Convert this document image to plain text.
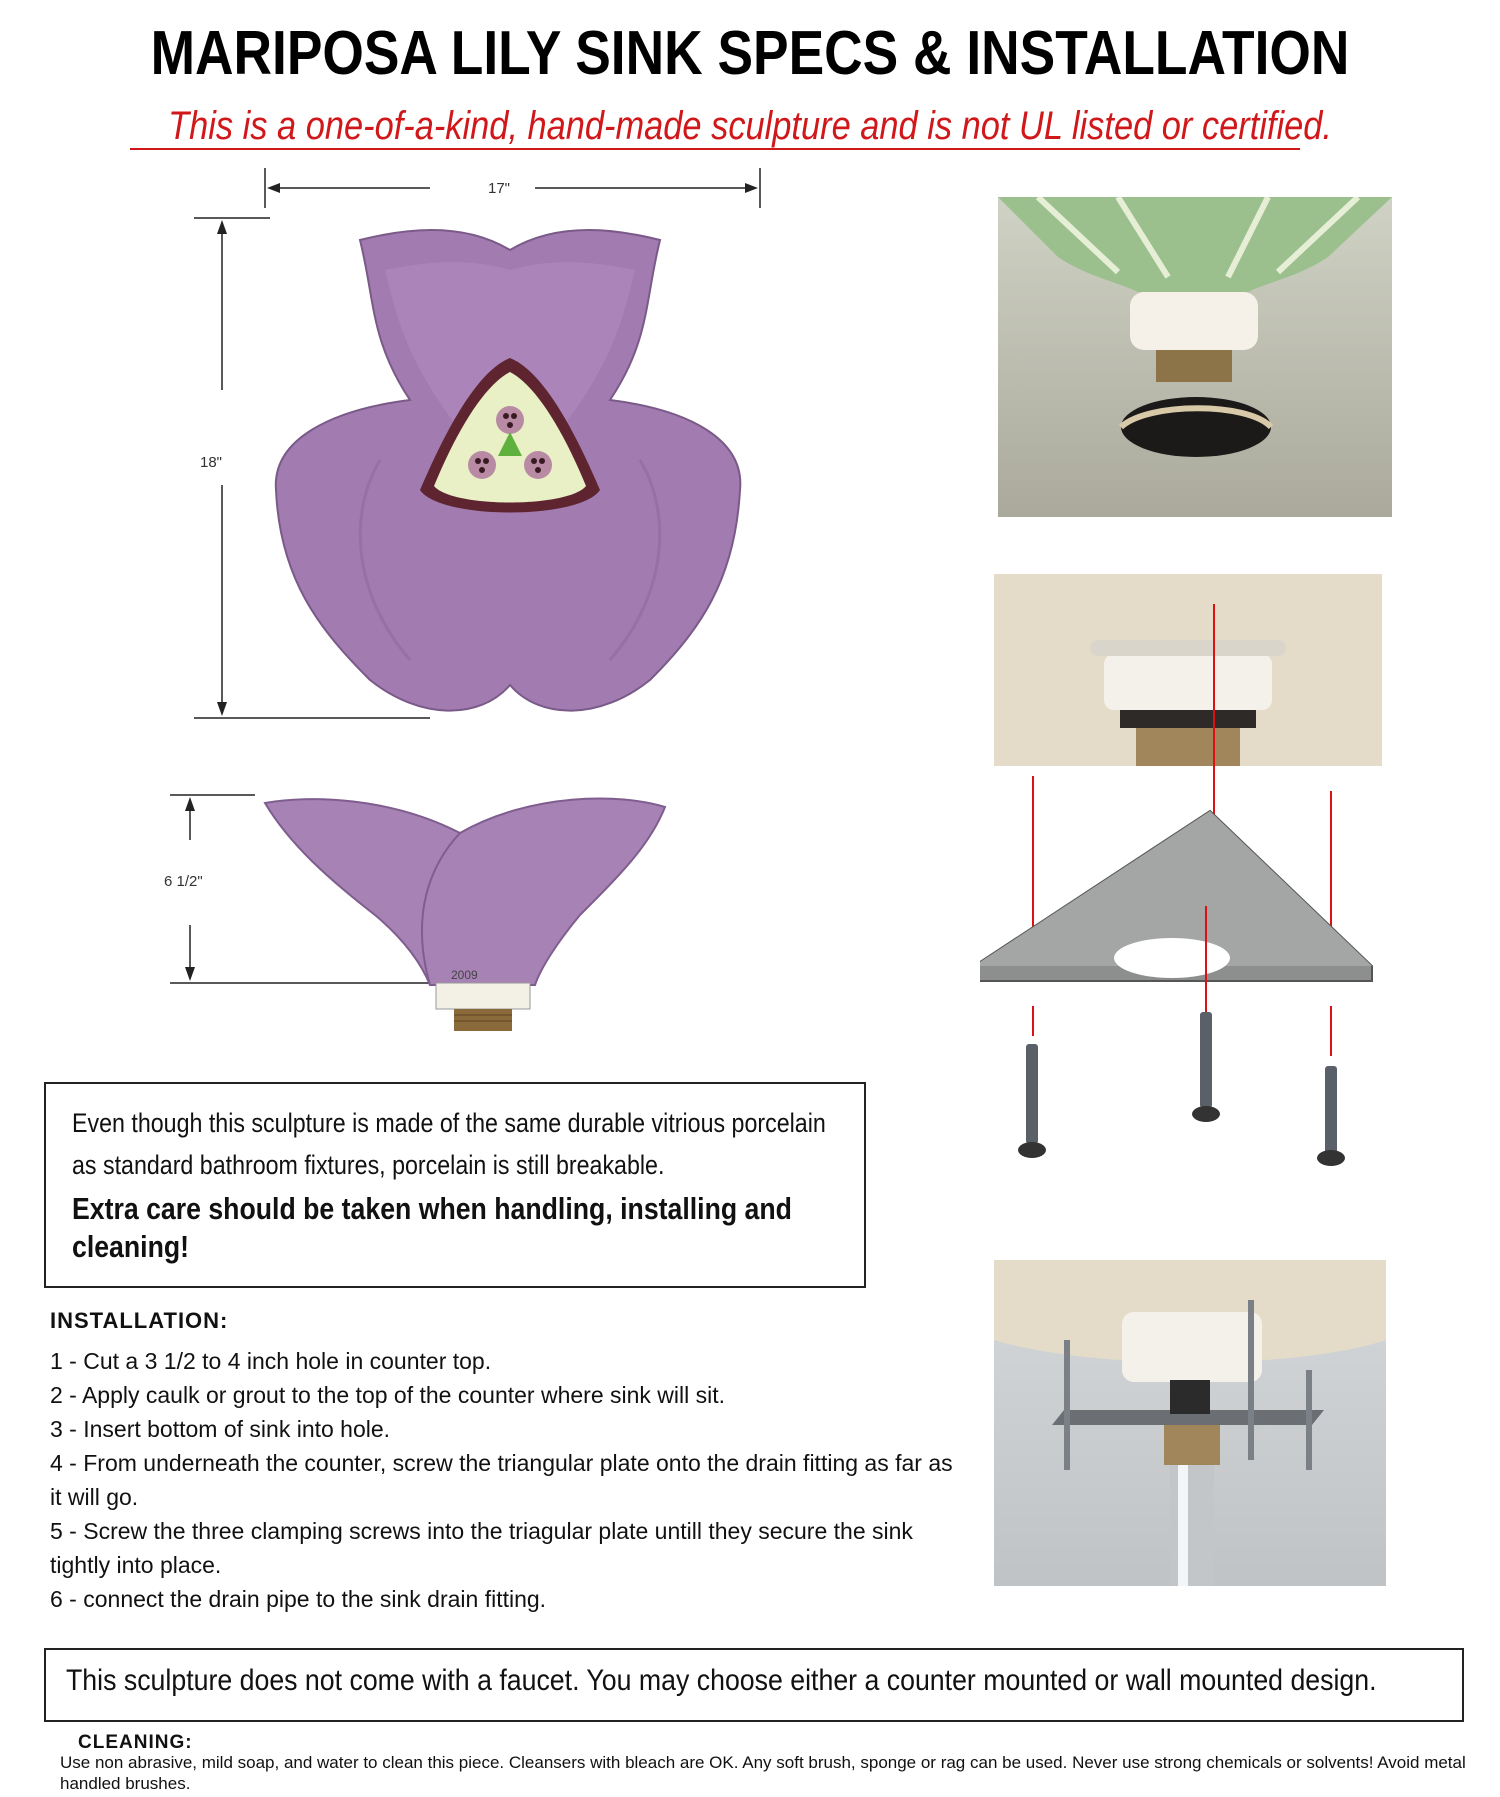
MARIPOSA LILY SINK SPECS & INSTALLATION
This is a one-of-a-kind, hand-made sculpture and is not UL listed or certified.
17"
18"
6 1/2"
2009

Even though this sculpture is made of the same durable vitrious porcelain as standard bathroom fixtures, porcelain is still breakable.

Extra care should be taken when handling, installing and cleaning!

INSTALLATION:
1 - Cut a 3 1/2 to 4 inch hole in counter top.
2 - Apply caulk or grout to the top of the counter where sink will sit.
3 - Insert bottom of sink into hole.
4 - From underneath the counter, screw the triangular plate onto the drain fitting as far as it will go.
5 - Screw the three clamping screws into the triagular plate untill they secure the sink tightly into place.
6 - connect the drain pipe to the sink drain fitting.
This sculpture does not come with a faucet. You may choose either a counter mounted or wall mounted design.
CLEANING:
Use non abrasive, mild soap, and water to clean this piece. Cleansers with bleach are OK. Any soft brush, sponge or rag can be used. Never use strong chemicals or solvents! Avoid metal handled brushes.
